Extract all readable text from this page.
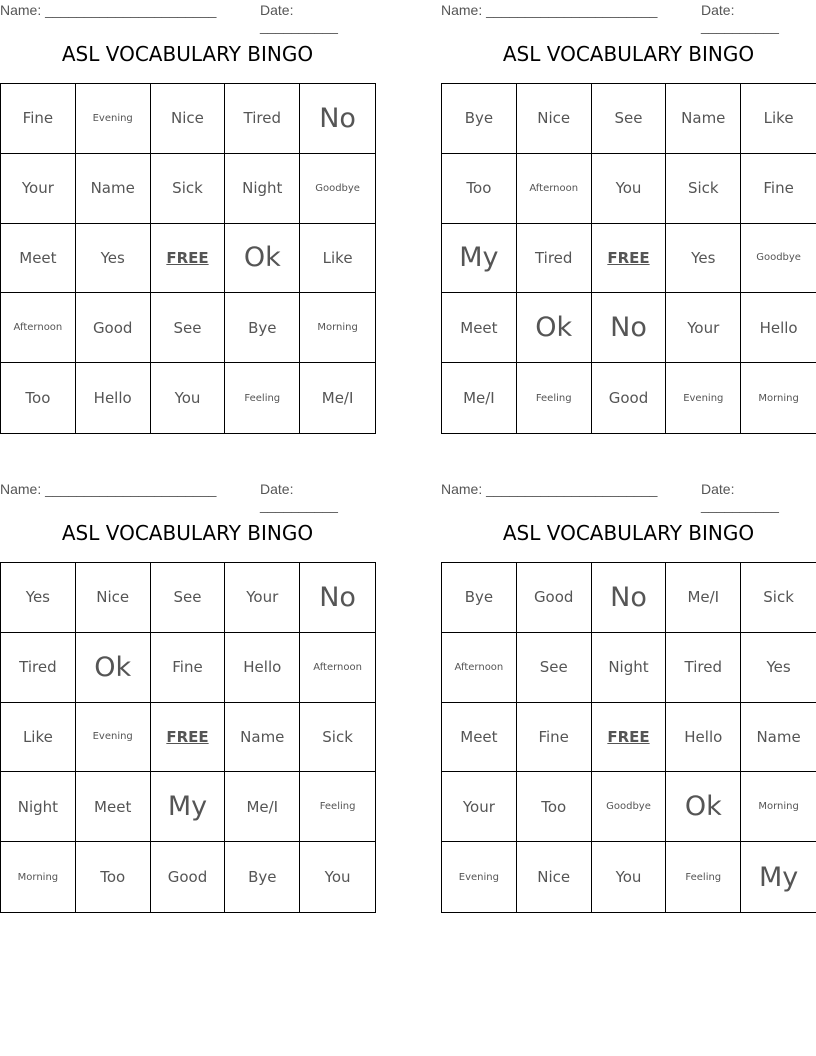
Name: ______________________	Date: __________
ASL VOCABULARY BINGO
Fine	Evening	Nice	Tired	No
Your	Name	Sick	Night	Goodbye
Meet	Yes	FREE	Ok	Like
Afternoon	Good	See	Bye	Morning
Too	Hello	You	Feeling	Me/I
Name: ______________________	Date: __________
ASL VOCABULARY BINGO
Bye	Nice	See	Name	Like
Too	Afternoon	You	Sick	Fine
My	Tired	FREE	Yes	Goodbye
Meet	Ok	No	Your	Hello
Me/I	Feeling	Good	Evening	Morning
Name: ______________________	Date: __________
ASL VOCABULARY BINGO
Yes	Nice	See	Your	No
Tired	Ok	Fine	Hello	Afternoon
Like	Evening	FREE	Name	Sick
Night	Meet	My	Me/I	Feeling
Morning	Too	Good	Bye	You
Name: ______________________	Date: __________
ASL VOCABULARY BINGO
Bye	Good	No	Me/I	Sick
Afternoon	See	Night	Tired	Yes
Meet	Fine	FREE	Hello	Name
Your	Too	Goodbye	Ok	Morning
Evening	Nice	You	Feeling	My
